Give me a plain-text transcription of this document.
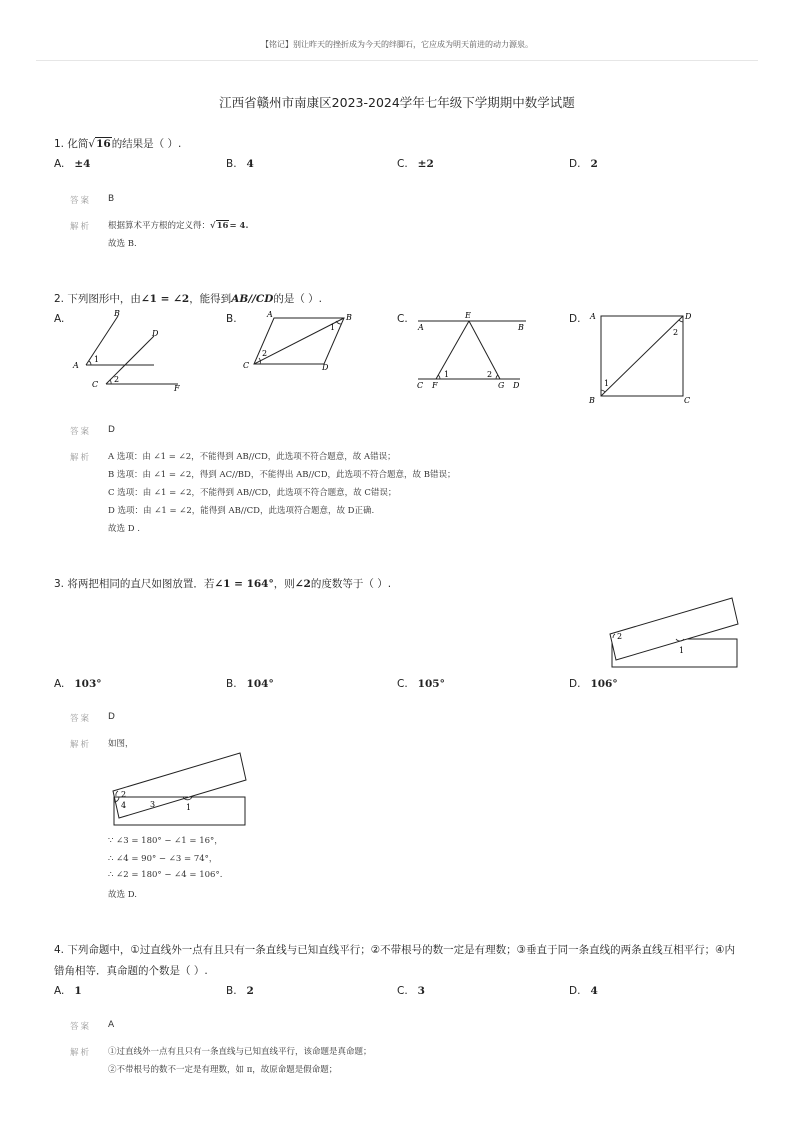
【铭记】别让昨天的挫折成为今天的绊脚石，它应成为明天前进的动力源泉。
江西省赣州市南康区2023-2024学年七年级下学期期中数学试题
1. 化简√16的结果是（ ）.
A. ±4	B. 4	C. ±2	D. 2
答案 B
解析 根据算术平方根的定义得：√16= 4.
故选 B.
2. 下列图形中，由∠1 = ∠2，能得到AB//CD的是（ ）.
A.	B.	C.	D.
B
D
A
C	F
1
2
A	B
C	D
1
2
A	B
E
C F	G D
1	2
A	D
B	C
1
2
答案 D
解析 A 选项：由 ∠1 = ∠2，不能得到 AB//CD，此选项不符合题意，故 A错误；
B 选项：由 ∠1 = ∠2，得到 AC//BD，不能得出 AB//CD，此选项不符合题意，故 B错误；
C 选项：由 ∠1 = ∠2，不能得到 AB//CD，此选项不符合题意，故 C错误；
D 选项：由 ∠1 = ∠2，能得到 AB//CD，此选项符合题意，故 D正确.
故选 D .
3. 将两把相同的直尺如图放置．若∠1 = 164°，则∠2的度数等于（ ）.
2
1
A. 103°	B. 104°	C. 105°	D. 106°
答案 D
解析 如图，
2
4	3	1
∵ ∠3 = 180° − ∠1 = 16°，
∴ ∠4 = 90° − ∠3 = 74°，
∴ ∠2 = 180° − ∠4 = 106°.
故选 D.
4. 下列命题中，①过直线外一点有且只有一条直线与已知直线平行；②不带根号的数一定是有理数；③垂直于同一条直线的两条直线互相平行；④内
错角相等．真命题的个数是（ ）.
A. 1	B. 2	C. 3	D. 4
答案 A
解析 ①过直线外一点有且只有一条直线与已知直线平行，该命题是真命题；
②不带根号的数不一定是有理数，如 π，故原命题是假命题；
